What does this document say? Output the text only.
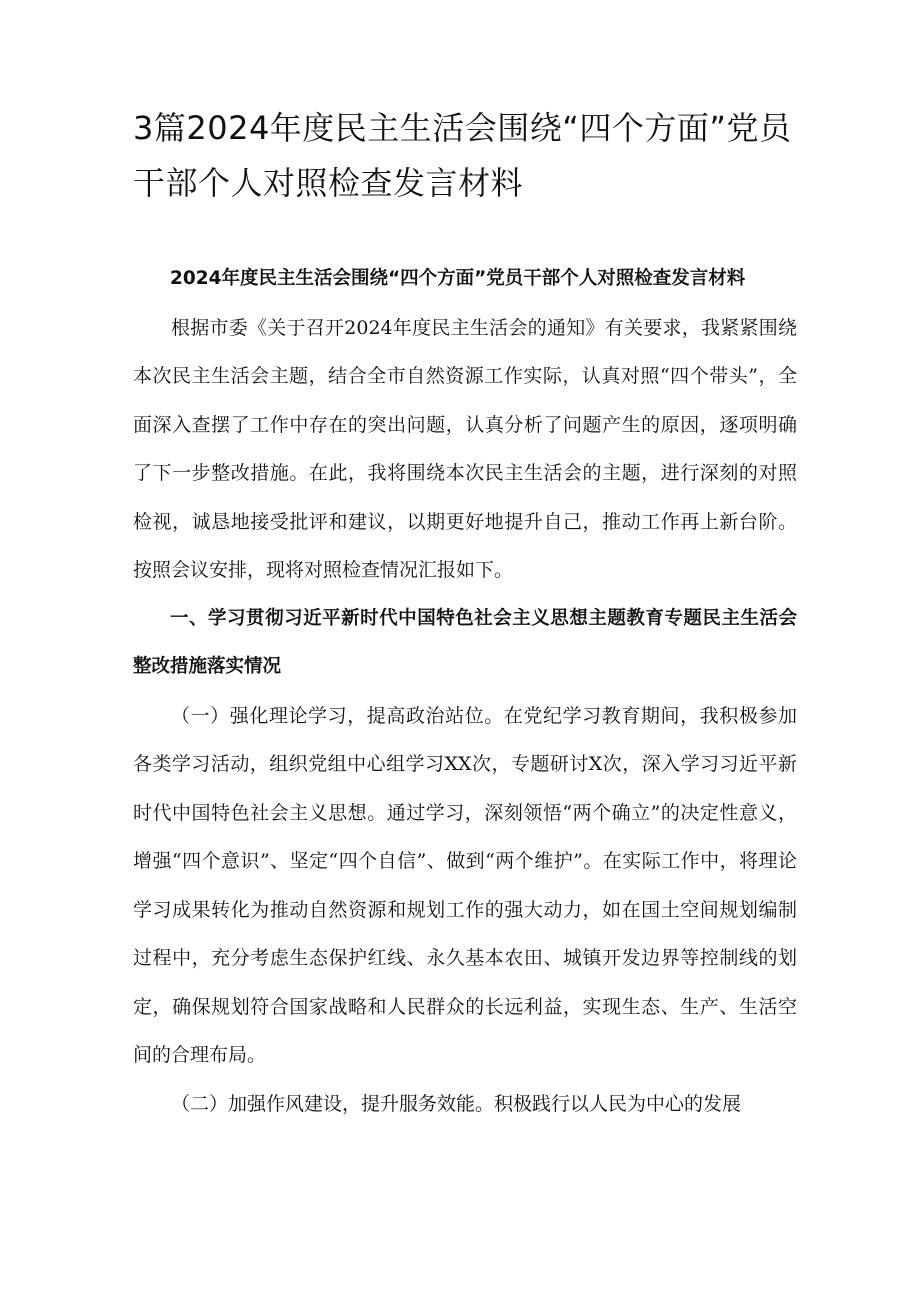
3篇2024年度民主生活会围绕“四个方面”党员干部个人对照检查发言材料

2024年度民主生活会围绕“四个方面”党员干部个人对照检查发言材料

根据市委《关于召开2024年度民主生活会的通知》有关要求，我紧紧围绕本次民主生活会主题，结合全市自然资源工作实际，认真对照“四个带头”，全面深入查摆了工作中存在的突出问题，认真分析了问题产生的原因，逐项明确了下一步整改措施。在此，我将围绕本次民主生活会的主题，进行深刻的对照检视，诚恳地接受批评和建议，以期更好地提升自己，推动工作再上新台阶。按照会议安排，现将对照检查情况汇报如下。

一、学习贯彻习近平新时代中国特色社会主义思想主题教育专题民主生活会整改措施落实情况

（一）强化理论学习，提高政治站位。在党纪学习教育期间，我积极参加各类学习活动，组织党组中心组学习XX次，专题研讨X次，深入学习习近平新时代中国特色社会主义思想。通过学习，深刻领悟“两个确立”的决定性意义，增强“四个意识”、坚定“四个自信”、做到“两个维护”。在实际工作中，将理论学习成果转化为推动自然资源和规划工作的强大动力，如在国土空间规划编制过程中，充分考虑生态保护红线、永久基本农田、城镇开发边界等控制线的划定，确保规划符合国家战略和人民群众的长远利益，实现生态、生产、生活空间的合理布局。

（二）加强作风建设，提升服务效能。积极践行以人民为中心的发展
